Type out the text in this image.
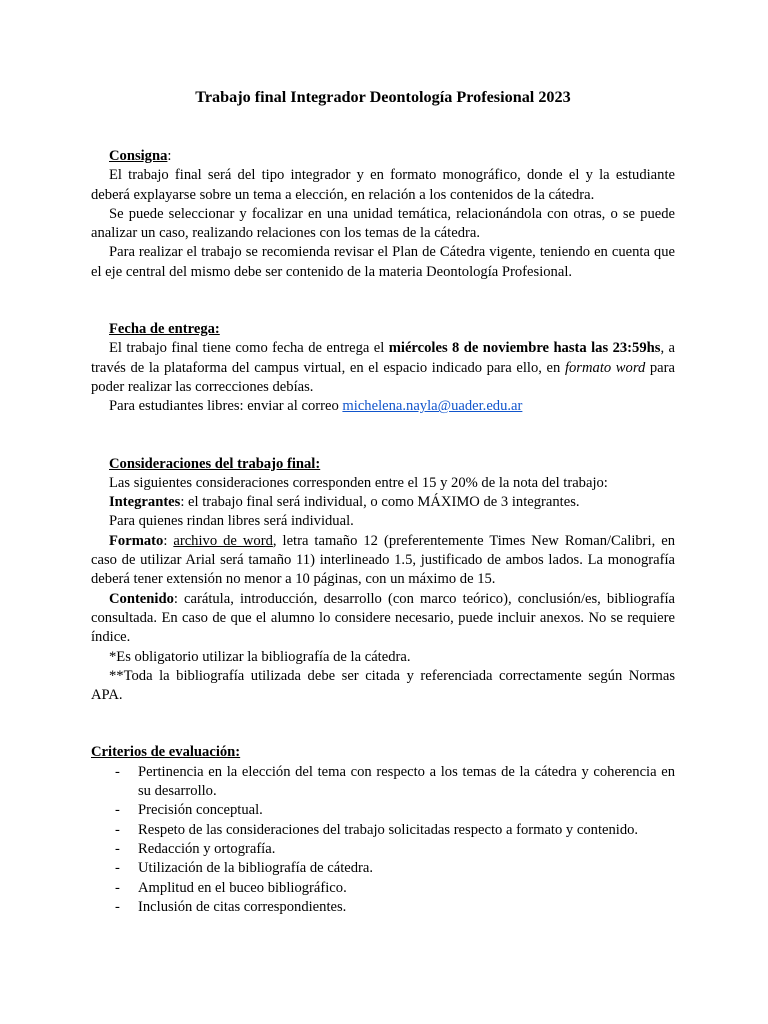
Trabajo final Integrador Deontología Profesional 2023

Consigna:

El trabajo final será del tipo integrador y en formato monográfico, donde el y la estudiante deberá explayarse sobre un tema a elección, en relación a los contenidos de la cátedra.

Se puede seleccionar y focalizar en una unidad temática, relacionándola con otras, o se puede analizar un caso, realizando relaciones con los temas de la cátedra.

Para realizar el trabajo se recomienda revisar el Plan de Cátedra vigente, teniendo en cuenta que el eje central del mismo debe ser contenido de la materia Deontología Profesional.

Fecha de entrega:

El trabajo final tiene como fecha de entrega el miércoles 8 de noviembre hasta las 23:59hs, a través de la plataforma del campus virtual, en el espacio indicado para ello, en formato word para poder realizar las correcciones debías.

Para estudiantes libres: enviar al correo michelena.nayla@uader.edu.ar

Consideraciones del trabajo final:

Las siguientes consideraciones corresponden entre el 15 y 20% de la nota del trabajo:

Integrantes: el trabajo final será individual, o como MÁXIMO de 3 integrantes.

Para quienes rindan libres será individual.

Formato: archivo de word, letra tamaño 12 (preferentemente Times New Roman/Calibri, en caso de utilizar Arial será tamaño 11) interlineado 1.5, justificado de ambos lados. La monografía deberá tener extensión no menor a 10 páginas, con un máximo de 15.

Contenido: carátula, introducción, desarrollo (con marco teórico), conclusión/es, bibliografía consultada. En caso de que el alumno lo considere necesario, puede incluir anexos. No se requiere índice.

*Es obligatorio utilizar la bibliografía de la cátedra.

**Toda la bibliografía utilizada debe ser citada y referenciada correctamente según Normas APA.

Criterios de evaluación:

- Pertinencia en la elección del tema con respecto a los temas de la cátedra y coherencia en su desarrollo.
- Precisión conceptual.
- Respeto de las consideraciones del trabajo solicitadas respecto a formato y contenido.
- Redacción y ortografía.
- Utilización de la bibliografía de cátedra.
- Amplitud en el buceo bibliográfico.
- Inclusión de citas correspondientes.
